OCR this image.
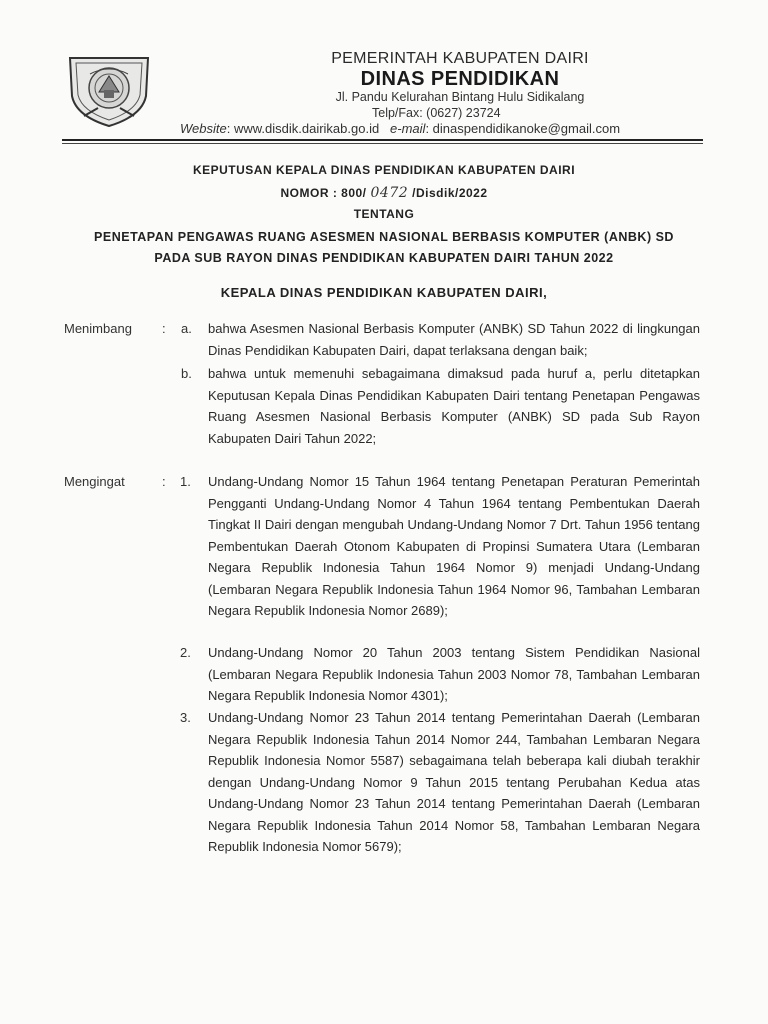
PEMERINTAH KABUPATEN DAIRI
DINAS PENDIDIKAN
Jl. Pandu Kelurahan Bintang Hulu Sidikalang
Telp/Fax: (0627) 23724
Website: www.disdik.dairikab.go.id e-mail: dinaspendidikanoke@gmail.com
KEPUTUSAN KEPALA DINAS PENDIDIKAN KABUPATEN DAIRI
NOMOR : 800/ 0472 /Disdik/2022
TENTANG
PENETAPAN PENGAWAS RUANG ASESMEN NASIONAL BERBASIS KOMPUTER (ANBK) SD
PADA SUB RAYON DINAS PENDIDIKAN KABUPATEN DAIRI TAHUN 2022
KEPALA DINAS PENDIDIKAN KABUPATEN DAIRI,
Menimbang : a. bahwa Asesmen Nasional Berbasis Komputer (ANBK) SD Tahun 2022 di lingkungan Dinas Pendidikan Kabupaten Dairi, dapat terlaksana dengan baik;
b. bahwa untuk memenuhi sebagaimana dimaksud pada huruf a, perlu ditetapkan Keputusan Kepala Dinas Pendidikan Kabupaten Dairi tentang Penetapan Pengawas Ruang Asesmen Nasional Berbasis Komputer (ANBK) SD pada Sub Rayon Kabupaten Dairi Tahun 2022;
Mengingat	: 1. Undang-Undang Nomor 15 Tahun 1964 tentang Penetapan Peraturan Pemerintah Pengganti Undang-Undang Nomor 4 Tahun 1964 tentang Pembentukan Daerah Tingkat II Dairi dengan mengubah Undang-Undang Nomor 7 Drt. Tahun 1956 tentang Pembentukan Daerah Otonom Kabupaten di Propinsi Sumatera Utara (Lembaran Negara Republik Indonesia Tahun 1964 Nomor 9) menjadi Undang-Undang (Lembaran Negara Republik Indonesia Tahun 1964 Nomor 96, Tambahan Lembaran Negara Republik Indonesia Nomor 2689);
2. Undang-Undang Nomor 20 Tahun 2003 tentang Sistem Pendidikan Nasional (Lembaran Negara Republik Indonesia Tahun 2003 Nomor 78, Tambahan Lembaran Negara Republik Indonesia Nomor 4301);
3. Undang-Undang Nomor 23 Tahun 2014 tentang Pemerintahan Daerah (Lembaran Negara Republik Indonesia Tahun 2014 Nomor 244, Tambahan Lembaran Negara Republik Indonesia Nomor 5587) sebagaimana telah beberapa kali diubah terakhir dengan Undang-Undang Nomor 9 Tahun 2015 tentang Perubahan Kedua atas Undang-Undang Nomor 23 Tahun 2014 tentang Pemerintahan Daerah (Lembaran Negara Republik Indonesia Tahun 2014 Nomor 58, Tambahan Lembaran Negara Republik Indonesia Nomor 5679);
